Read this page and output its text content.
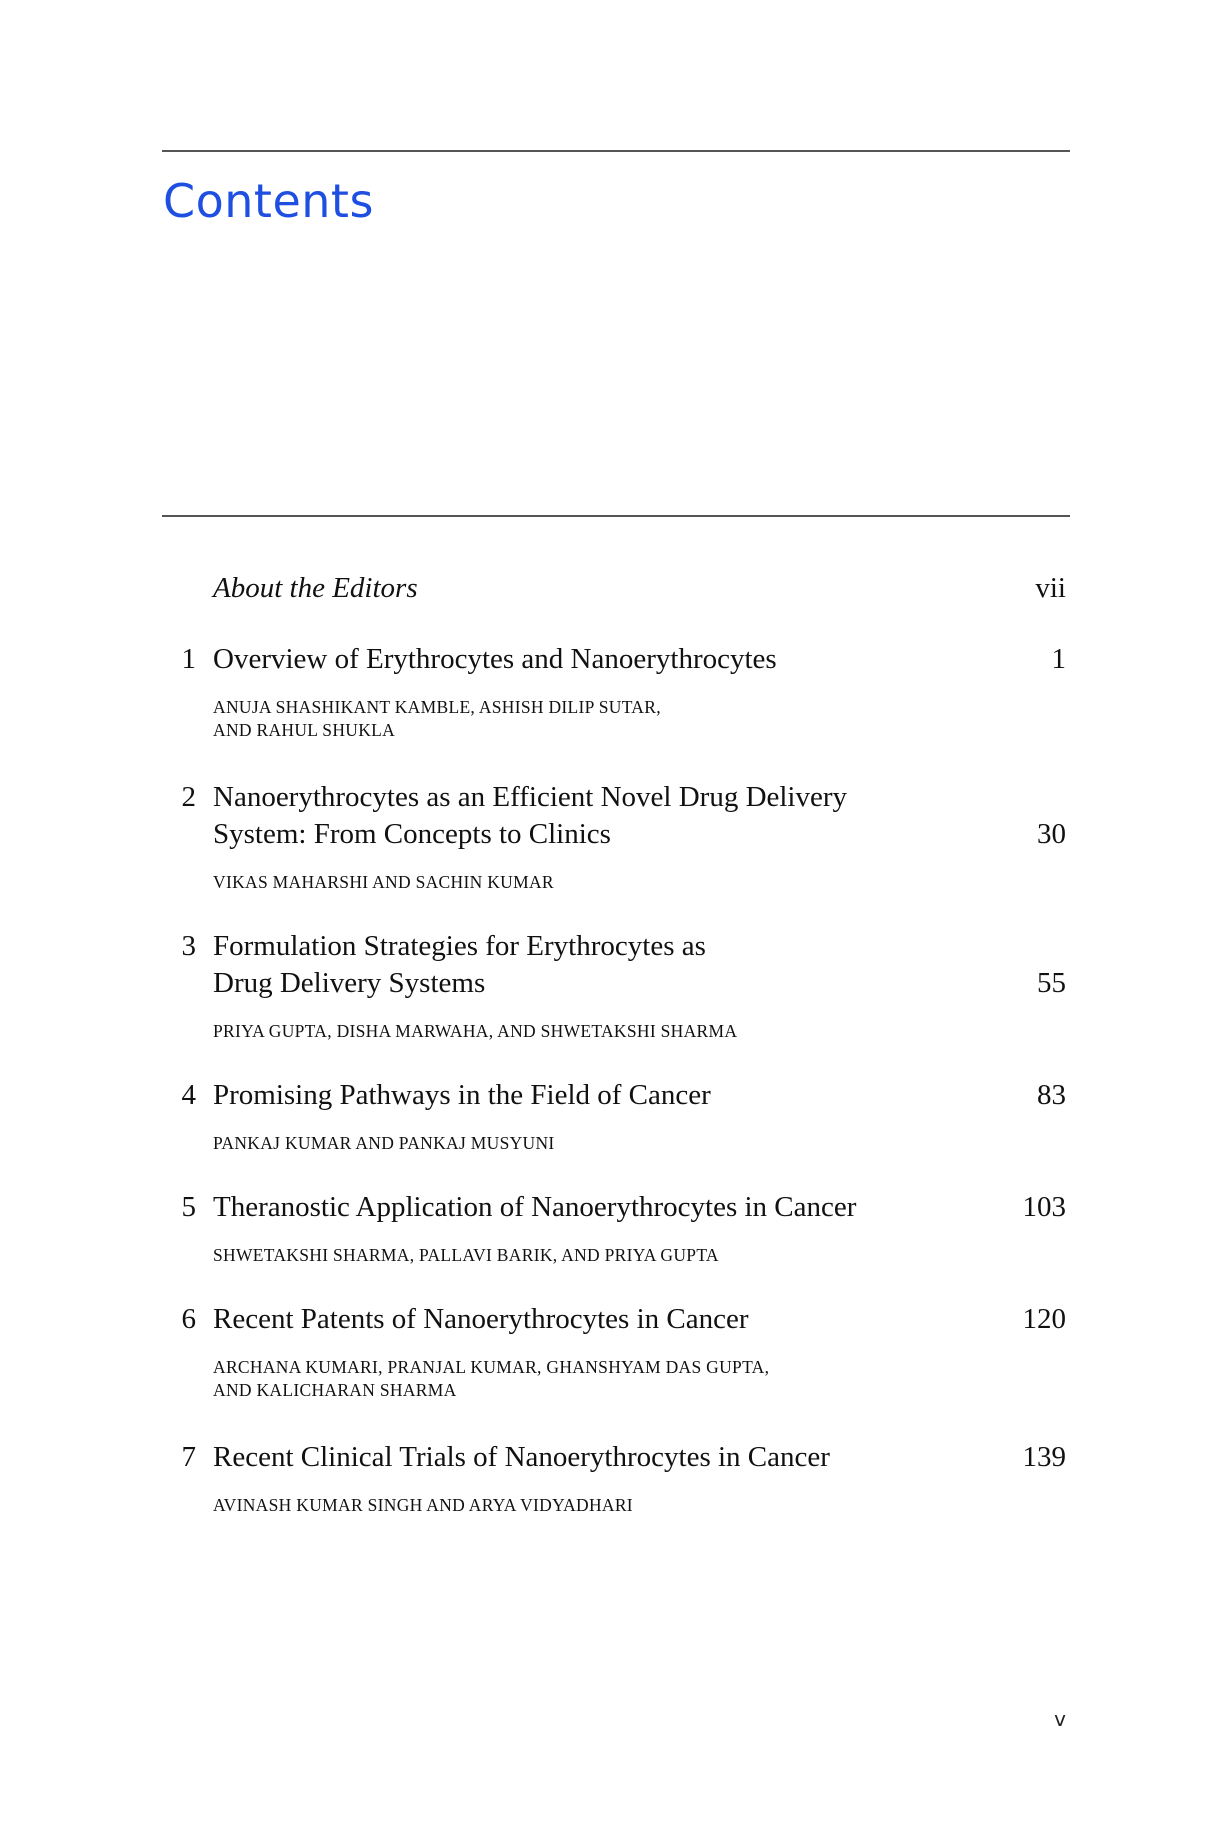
Contents
About the Editors	vii
1 Overview of Erythrocytes and Nanoerythrocytes	1
ANUJA SHASHIKANT KAMBLE, ASHISH DILIP SUTAR,
AND RAHUL SHUKLA
2 Nanoerythrocytes as an Efficient Novel Drug Delivery
System: From Concepts to Clinics	30
VIKAS MAHARSHI AND SACHIN KUMAR
3 Formulation Strategies for Erythrocytes as
Drug Delivery Systems	55
PRIYA GUPTA, DISHA MARWAHA, AND SHWETAKSHI SHARMA
4 Promising Pathways in the Field of Cancer	83
PANKAJ KUMAR AND PANKAJ MUSYUNI
5 Theranostic Application of Nanoerythrocytes in Cancer	103
SHWETAKSHI SHARMA, PALLAVI BARIK, AND PRIYA GUPTA
6 Recent Patents of Nanoerythrocytes in Cancer	120
ARCHANA KUMARI, PRANJAL KUMAR, GHANSHYAM DAS GUPTA,
AND KALICHARAN SHARMA
7 Recent Clinical Trials of Nanoerythrocytes in Cancer	139
AVINASH KUMAR SINGH AND ARYA VIDYADHARI
v
